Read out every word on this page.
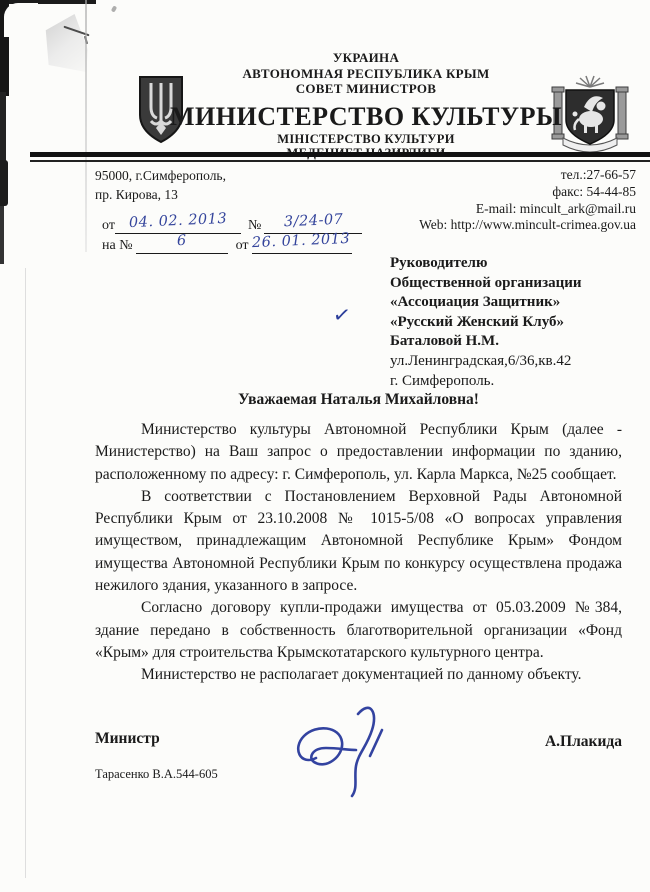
УКРАИНА
АВТОНОМНАЯ РЕСПУБЛИКА КРЫМ
СОВЕТ МИНИСТРОВ
МИНИСТЕРСТВО КУЛЬТУРЫ
МІНІСТЕРСТВО КУЛЬТУРИ
95000, г.Симферополь,
пр. Кирова, 13
тел.:27-66-57
факс: 54-44-85
E-mail: mincult_ark@mail.ru
Web: http://www.mincult-crimea.gov.ua
от 04. 02. 2013 № 3/24-07
на №	6	от 26. 01. 2013
✓
Руководителю
Общественной организации
«Ассоциация Защитник»
«Русский Женский Клуб»
Баталовой Н.М.
ул.Ленинградская,6/36,кв.42
г. Симферополь.
Уважаемая Наталья Михайловна!

Министерство культуры Автономной Республики Крым (далее - Министерство) на Ваш запрос о предоставлении информации по зданию, расположенному по адресу: г. Симферополь, ул. Карла Маркса, №25 сообщает.

В соответствии с Постановлением Верховной Рады Автономной Республики Крым от 23.10.2008 № 1015-5/08 «О вопросах управления имуществом, принадлежащим Автономной Республике Крым» Фондом имущества Автономной Республики Крым по конкурсу осуществлена продажа нежилого здания, указанного в запросе.

Согласно договору купли-продажи имущества от 05.03.2009 №384, здание передано в собственность благотворительной организации «Фонд «Крым» для строительства Крымскотатарского культурного центра.

Министерство не располагает документацией по данному объекту.

Министр	А.Плакида
Тарасенко В.А.544-605
